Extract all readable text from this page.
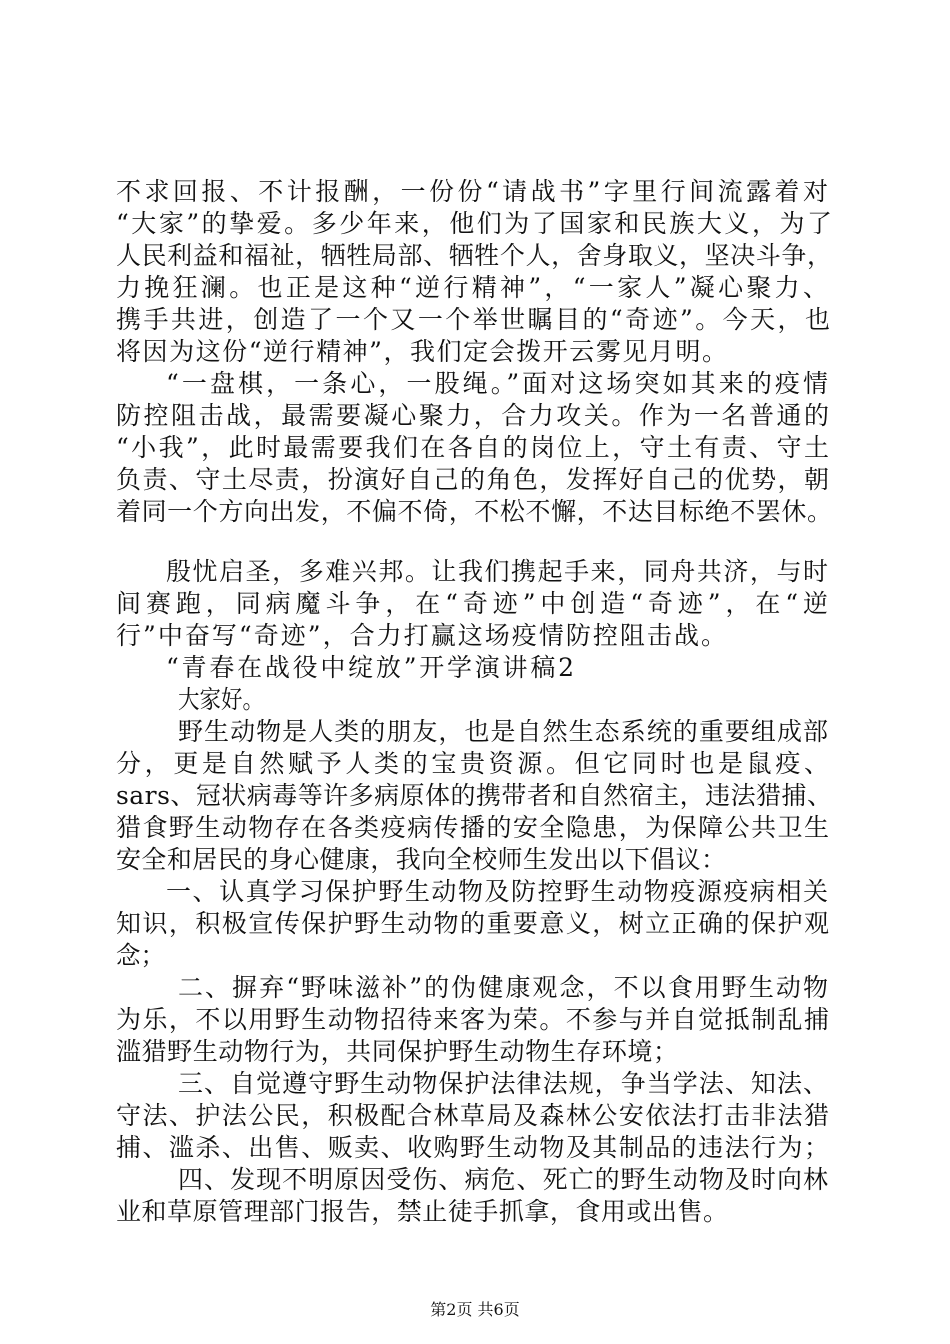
不求回报、不计报酬，一份份“请战书”字里行间流露着对
“大家”的挚爱。多少年来，他们为了国家和民族大义，为了
人民利益和福祉，牺牲局部、牺牲个人，舍身取义，坚决斗争，
力挽狂澜。也正是这种“逆行精神”，“一家人”凝心聚力、
携手共进，创造了一个又一个举世瞩目的“奇迹”。今天，也
将因为这份“逆行精神”，我们定会拨开云雾见月明。
“一盘棋，一条心，一股绳。”面对这场突如其来的疫情
防控阻击战，最需要凝心聚力，合力攻关。作为一名普通的
“小我”，此时最需要我们在各自的岗位上，守土有责、守土
负责、守土尽责，扮演好自己的角色，发挥好自己的优势，朝
着同一个方向出发，不偏不倚，不松不懈，不达目标绝不罢休。
殷忧启圣，多难兴邦。让我们携起手来，同舟共济，与时
间赛跑，同病魔斗争，在“奇迹”中创造“奇迹”，在“逆
行”中奋写“奇迹”，合力打赢这场疫情防控阻击战。
“青春在战役中绽放”开学演讲稿2
大家好。
野生动物是人类的朋友，也是自然生态系统的重要组成部
分，更是自然赋予人类的宝贵资源。但它同时也是鼠疫、
sars、冠状病毒等许多病原体的携带者和自然宿主，违法猎捕、
猎食野生动物存在各类疫病传播的安全隐患，为保障公共卫生
安全和居民的身心健康，我向全校师生发出以下倡议：
一、认真学习保护野生动物及防控野生动物疫源疫病相关
知识，积极宣传保护野生动物的重要意义，树立正确的保护观
念；
二、摒弃“野味滋补”的伪健康观念，不以食用野生动物
为乐，不以用野生动物招待来客为荣。不参与并自觉抵制乱捕
滥猎野生动物行为，共同保护野生动物生存环境；
三、自觉遵守野生动物保护法律法规，争当学法、知法、
守法、护法公民，积极配合林草局及森林公安依法打击非法猎
捕、滥杀、出售、贩卖、收购野生动物及其制品的违法行为；
四、发现不明原因受伤、病危、死亡的野生动物及时向林
业和草原管理部门报告，禁止徒手抓拿，食用或出售。
第2页 共6页
